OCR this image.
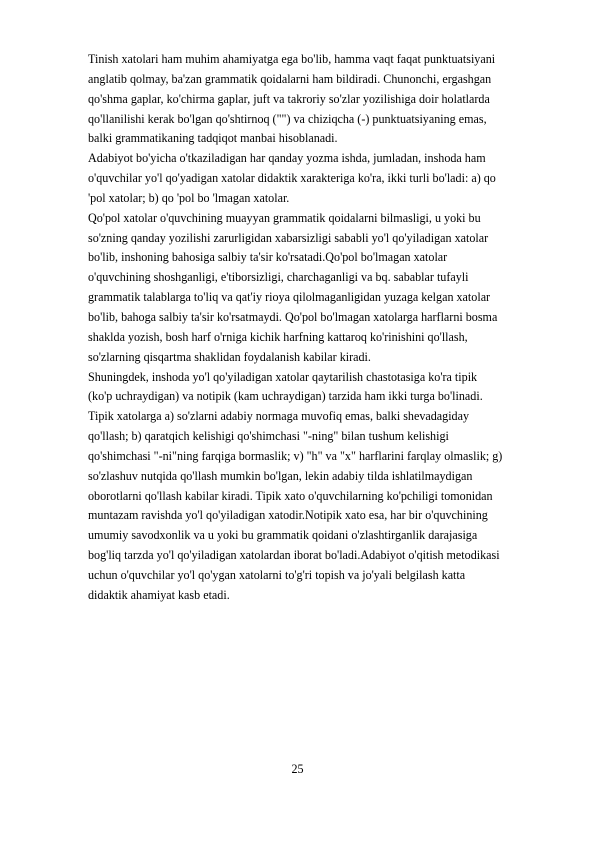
Tinish xatolari ham muhim ahamiyatga ega bo'lib, hamma vaqt faqat punktuatsiyani
anglatib qolmay, ba'zan grammatik qoidalarni ham bildiradi. Chunonchi, ergashgan
qo'shma gaplar, ko'chirma gaplar, juft va takroriy so'zlar yozilishiga doir holatlarda
qo'llanilishi kerak bo'lgan qo'shtirnoq ("") va chiziqcha (-) punktuatsiyaning emas,
balki grammatikaning tadqiqot manbai hisoblanadi.
Adabiyot bo'yicha o'tkaziladigan har qanday yozma ishda, jumladan, inshoda ham
o'quvchilar yo'l qo'yadigan xatolar didaktik xarakteriga ko'ra, ikki turli bo'ladi: a) qo
'pol xatolar; b) qo 'pol bo 'lmagan xatolar.
Qo'pol xatolar o'quvchining muayyan grammatik qoidalarni bilmasligi, u yoki bu
so'zning qanday yozilishi zarurligidan xabarsizligi sababli yo'l qo'yiladigan xatolar
bo'lib, inshoning bahosiga salbiy ta'sir ko'rsatadi.Qo'pol bo'lmagan xatolar
o'quvchining shoshganligi, e'tiborsizligi, charchaganligi va bq. sabablar tufayli
grammatik talablarga to'liq va qat'iy rioya qilolmaganligidan yuzaga kelgan xatolar
bo'lib, bahoga salbiy ta'sir ko'rsatmaydi. Qo'pol bo'lmagan xatolarga harflarni bosma
shaklda yozish, bosh harf o'rniga kichik harfning kattaroq ko'rinishini qo'llash,
so'zlarning qisqartma shaklidan foydalanish kabilar kiradi.
Shuningdek, inshoda yo'l qo'yiladigan xatolar qaytarilish chastotasiga ko'ra tipik
(ko'p uchraydigan) va notipik (kam uchraydigan) tarzida ham ikki turga bo'linadi.
Tipik xatolarga a) so'zlarni adabiy normaga muvofiq emas, balki shevadagiday
qo'llash; b) qaratqich kelishigi qo'shimchasi "-ning" bilan tushum kelishigi
qo'shimchasi "-ni"ning farqiga bormaslik; v) "h" va "x" harflarini farqlay olmaslik; g)
so'zlashuv nutqida qo'llash mumkin bo'lgan, lekin adabiy tilda ishlatilmaydigan
oborotlarni qo'llash kabilar kiradi. Tipik xato o'quvchilarning ko'pchiligi tomonidan
muntazam ravishda yo'l qo'yiladigan xatodir.Notipik xato esa, har bir o'quvchining
umumiy savodxonlik va u yoki bu grammatik qoidani o'zlashtirganlik darajasiga
bog'liq tarzda yo'l qo'yiladigan xatolardan iborat bo'ladi.Adabiyot o'qitish metodikasi
uchun o'quvchilar yo'l qo'ygan xatolarni to'g'ri topish va jo'yali belgilash katta
didaktik ahamiyat kasb etadi.
25
